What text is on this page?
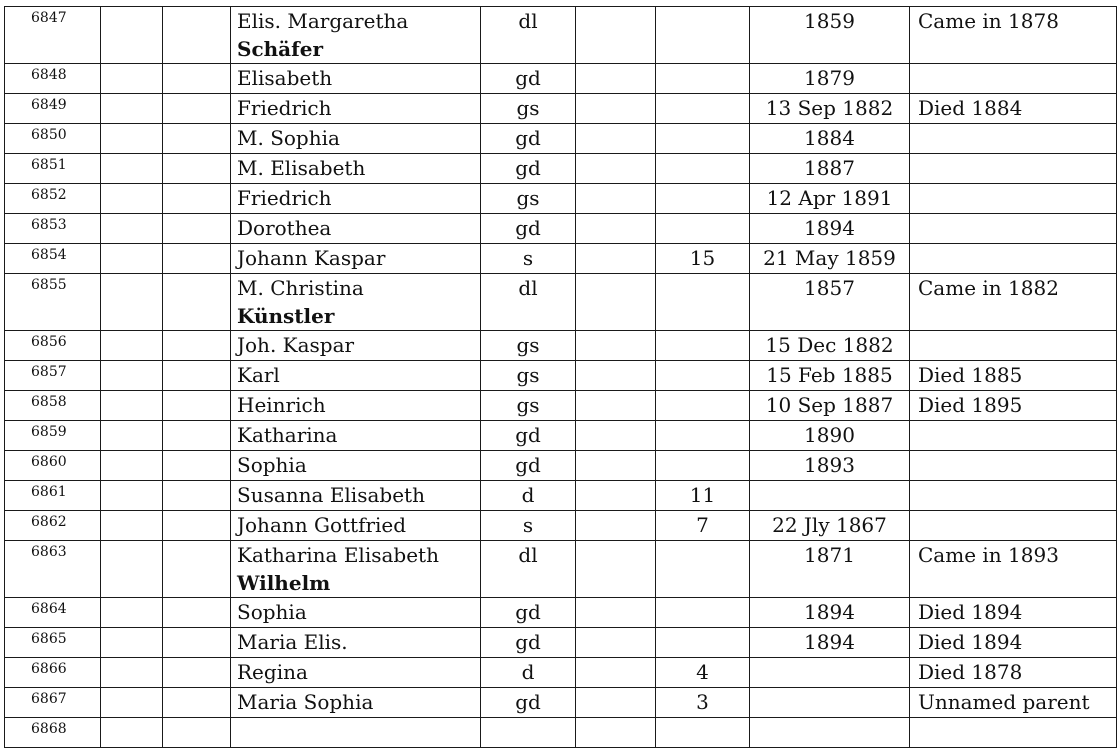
6847			Elis. Margaretha
Schäfer	dl			1859	Came in 1878
6848			Elisabeth	gd			1879	
6849			Friedrich	gs			13 Sep 1882	Died 1884
6850			M. Sophia	gd			1884	
6851			M. Elisabeth	gd			1887	
6852			Friedrich	gs			12 Apr 1891	
6853			Dorothea	gd			1894	
6854			Johann Kaspar	s		15	21 May 1859	
6855			M. Christina
Künstler	dl			1857	Came in 1882
6856			Joh. Kaspar	gs			15 Dec 1882	
6857			Karl	gs			15 Feb 1885	Died 1885
6858			Heinrich	gs			10 Sep 1887	Died 1895
6859			Katharina	gd			1890	
6860			Sophia	gd			1893	
6861			Susanna Elisabeth	d		11		
6862			Johann Gottfried	s		7	22 Jly 1867	
6863			Katharina Elisabeth
Wilhelm	dl			1871	Came in 1893
6864			Sophia	gd			1894	Died 1894
6865			Maria Elis.	gd			1894	Died 1894
6866			Regina	d		4		Died 1878
6867			Maria Sophia	gd		3		Unnamed parent
6868			
